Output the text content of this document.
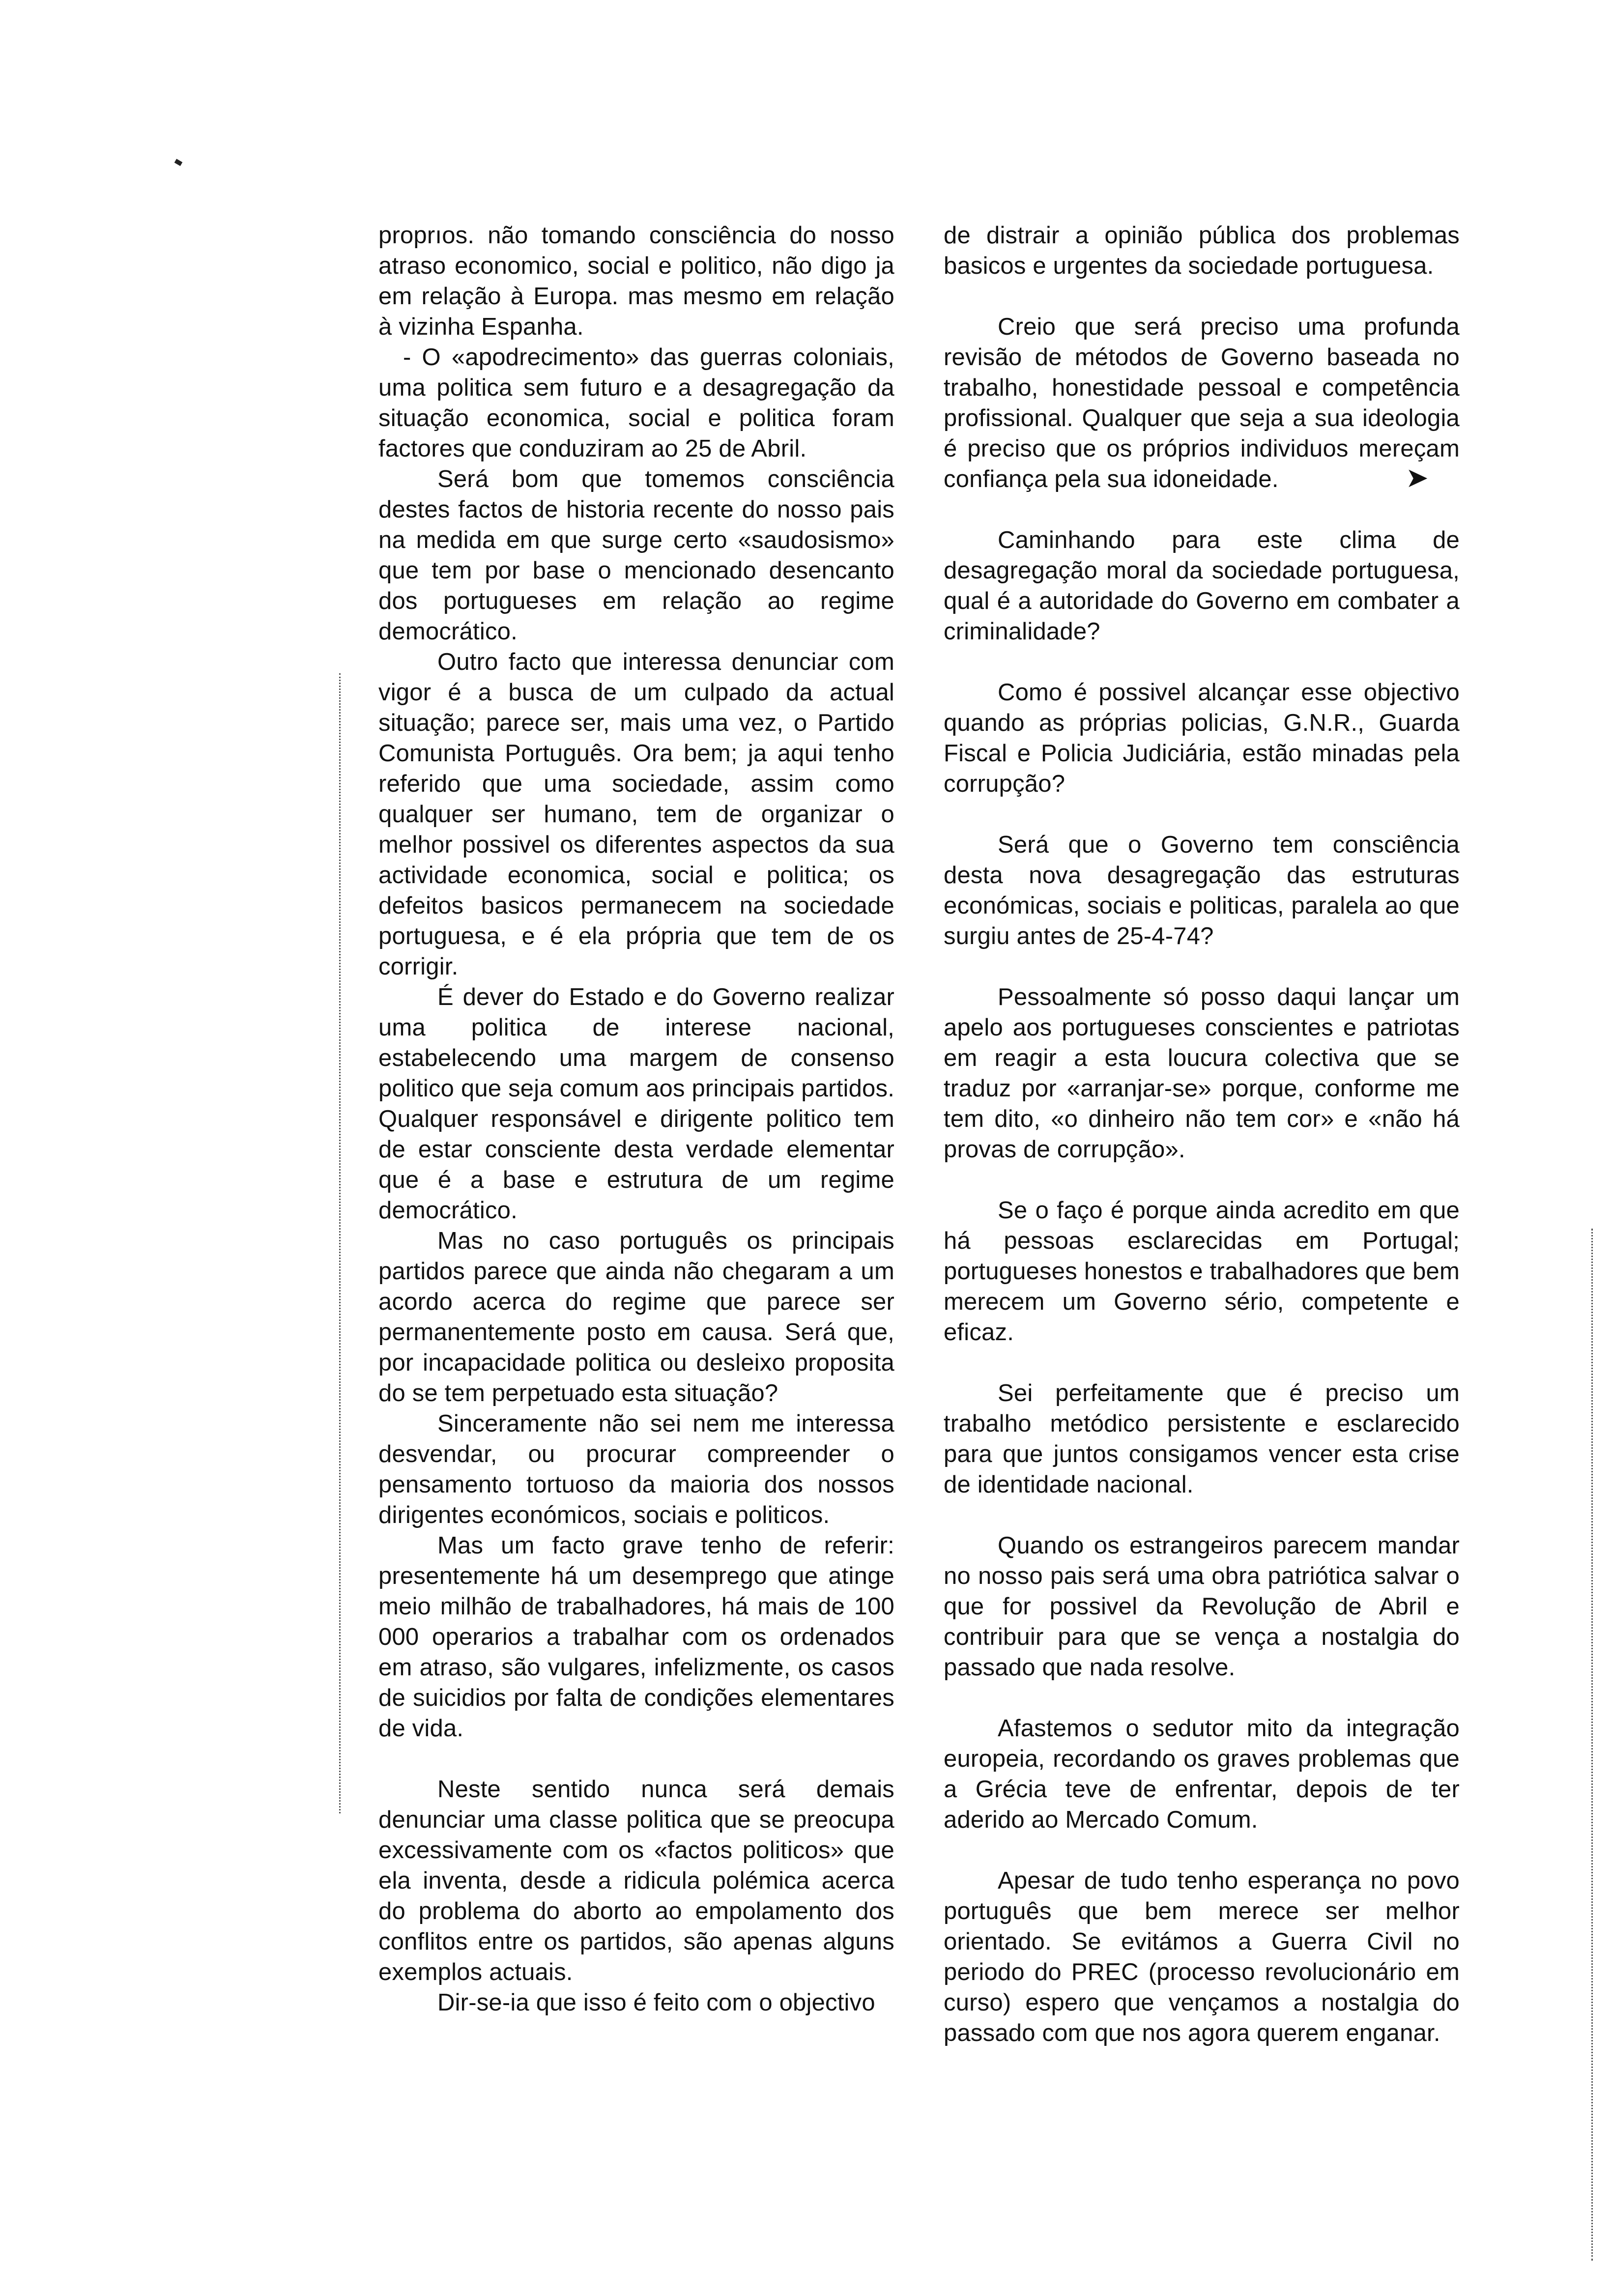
➤

proprıos. não tomando consciência do nosso atraso economico, social e politico, não digo ja em relação à Europa. mas mesmo em relação à vizinha Espanha.

- O «apodrecimento» das guerras coloniais, uma politica sem futuro e a desagregação da situação economica, social e politica foram factores que conduziram ao 25 de Abril.

Será bom que tomemos consciência destes factos de historia recente do nosso pais na medida em que surge certo «saudosismo» que tem por base o mencionado desencanto dos portugueses em relação ao regime democrático.

Outro facto que interessa denunciar com vigor é a busca de um culpado da actual situação; parece ser, mais uma vez, o Partido Comunista Português. Ora bem; ja aqui tenho referido que uma sociedade, assim como qualquer ser humano, tem de organizar o melhor possivel os diferentes aspectos da sua actividade economica, social e politica; os defeitos basicos permanecem na sociedade portuguesa, e é ela própria que tem de os corrigir.

É dever do Estado e do Governo realizar uma politica de interese nacional, estabelecendo uma margem de consenso politico que seja comum aos principais partidos. Qualquer responsável e dirigente politico tem de estar consciente desta verdade elementar que é a base e estrutura de um regime democrático.

Mas no caso português os principais partidos parece que ainda não chegaram a um acordo acerca do regime que parece ser permanentemente posto em causa. Será que, por incapacidade politica ou desleixo proposita do se tem perpetuado esta situação?

Sinceramente não sei nem me interessa desvendar, ou procurar compreender o pensamento tortuoso da maioria dos nossos dirigentes económicos, sociais e politicos.

Mas um facto grave tenho de referir: presentemente há um desemprego que atinge meio milhão de trabalhadores, há mais de 100 000 operarios a trabalhar com os ordenados em atraso, são vulgares, infelizmente, os casos de suicidios por falta de condições elementares de vida.

Neste sentido nunca será demais denunciar uma classe politica que se preocupa excessivamente com os «factos politicos» que ela inventa, desde a ridicula polémica acerca do problema do aborto ao empolamento dos conflitos entre os partidos, são apenas alguns exemplos actuais.

Dir-se-ia que isso é feito com o objectivo

de distrair a opinião pública dos problemas basicos e urgentes da sociedade portuguesa.

Creio que será preciso uma profunda revisão de métodos de Governo baseada no trabalho, honestidade pessoal e competência profissional. Qualquer que seja a sua ideologia é preciso que os próprios individuos mereçam confiança pela sua idoneidade.

Caminhando para este clima de desagregação moral da sociedade portuguesa, qual é a autoridade do Governo em combater a criminalidade?

Como é possivel alcançar esse objectivo quando as próprias policias, G.N.R., Guarda Fiscal e Policia Judiciária, estão minadas pela corrupção?

Será que o Governo tem consciência desta nova desagregação das estruturas económicas, sociais e politicas, paralela ao que surgiu antes de 25-4-74?

Pessoalmente só posso daqui lançar um apelo aos portugueses conscientes e patriotas em reagir a esta loucura colectiva que se traduz por «arranjar-se» porque, conforme me tem dito, «o dinheiro não tem cor» e «não há provas de corrupção».

Se o faço é porque ainda acredito em que há pessoas esclarecidas em Portugal; portugueses honestos e trabalhadores que bem merecem um Governo sério, competente e eficaz.

Sei perfeitamente que é preciso um trabalho metódico persistente e esclarecido para que juntos consigamos vencer esta crise de identidade nacional.

Quando os estrangeiros parecem mandar no nosso pais será uma obra patriótica salvar o que for possivel da Revolução de Abril e contribuir para que se vença a nostalgia do passado que nada resolve.

Afastemos o sedutor mito da integração europeia, recordando os graves problemas que a Grécia teve de enfrentar, depois de ter aderido ao Mercado Comum.

Apesar de tudo tenho esperança no povo português que bem merece ser melhor orientado. Se evitámos a Guerra Civil no periodo do PREC (processo revolucionário em curso) espero que vençamos a nostalgia do passado com que nos agora querem enganar.
